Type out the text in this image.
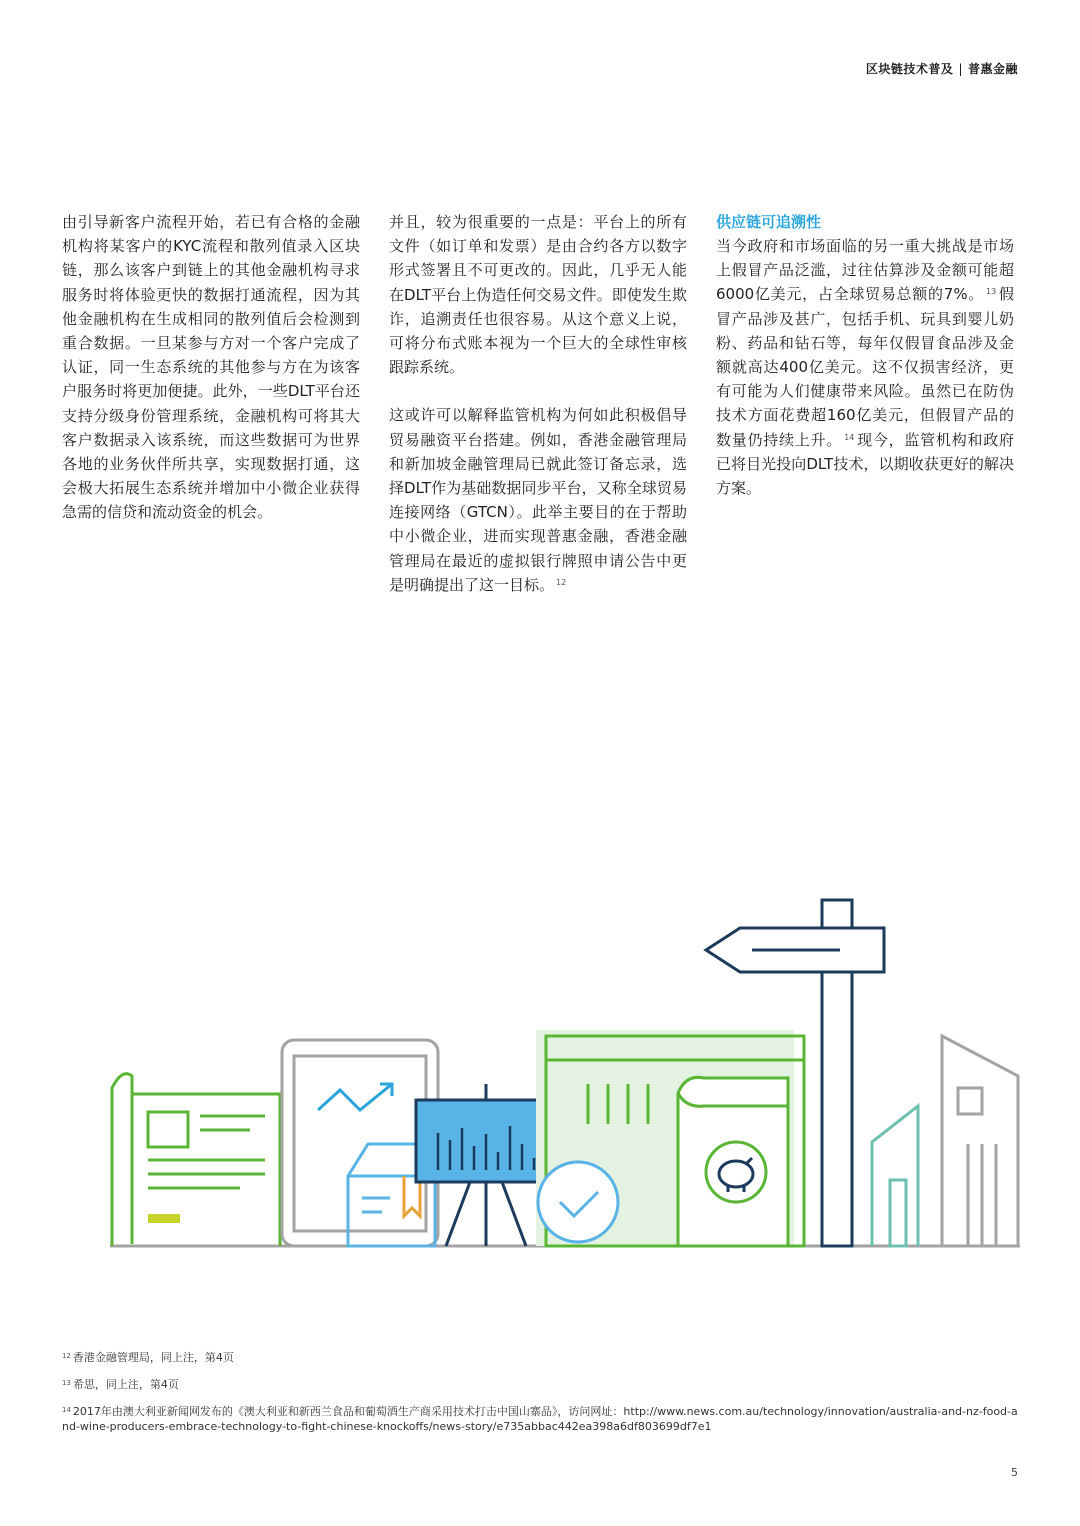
区块链技术普及 | 普惠金融

由引导新客户流程开始，若已有合格的金融机构将某客户的KYC流程和散列值录入区块链，那么该客户到链上的其他金融机构寻求服务时将体验更快的数据打通流程，因为其他金融机构在生成相同的散列值后会检测到重合数据。一旦某参与方对一个客户完成了认证，同一生态系统的其他参与方在为该客户服务时将更加便捷。此外，一些DLT平台还支持分级身份管理系统，金融机构可将其大客户数据录入该系统，而这些数据可为世界各地的业务伙伴所共享，实现数据打通，这会极大拓展生态系统并增加中小微企业获得急需的信贷和流动资金的机会。

并且，较为很重要的一点是：平台上的所有文件（如订单和发票）是由合约各方以数字形式签署且不可更改的。因此，几乎无人能在DLT平台上伪造任何交易文件。即使发生欺诈，追溯责任也很容易。从这个意义上说，可将分布式账本视为一个巨大的全球性审核跟踪系统。

这或许可以解释监管机构为何如此积极倡导贸易融资平台搭建。例如，香港金融管理局和新加坡金融管理局已就此签订备忘录，选择DLT作为基础数据同步平台，又称全球贸易连接网络（GTCN）。此举主要目的在于帮助中小微企业，进而实现普惠金融，香港金融管理局在最近的虚拟银行牌照申请公告中更是明确提出了这一目标。 $^{12}$

供应链可追溯性

当今政府和市场面临的另一重大挑战是市场上假冒产品泛滥，过往估算涉及金额可能超6000亿美元，占全球贸易总额的7%。 $^{13}$ 假冒产品涉及甚广，包括手机、玩具到婴儿奶粉、药品和钻石等，每年仅假冒食品涉及金额就高达400亿美元。这不仅损害经济，更有可能为人们健康带来风险。虽然已在防伪技术方面花费超160亿美元，但假冒产品的数量仍持续上升。 $^{14}$ 现今，监管机构和政府已将目光投向DLT技术，以期收获更好的解决方案。

$^{12}$ 香港金融管理局，同上注，第4页
$^{13}$ 希思，同上注，第4页
$^{14}$ 2017年由澳大利亚新闻网发布的《澳大利亚和新西兰食品和葡萄酒生产商采用技术打击中国山寨品》，访问网址：http://www.news.com.au/technology/innovation/australia-and-nz-food-and-wine-producers-embrace-technology-to-fight-chinese-knockoffs/news-story/e735abbac442ea398a6df803699df7e1
5
